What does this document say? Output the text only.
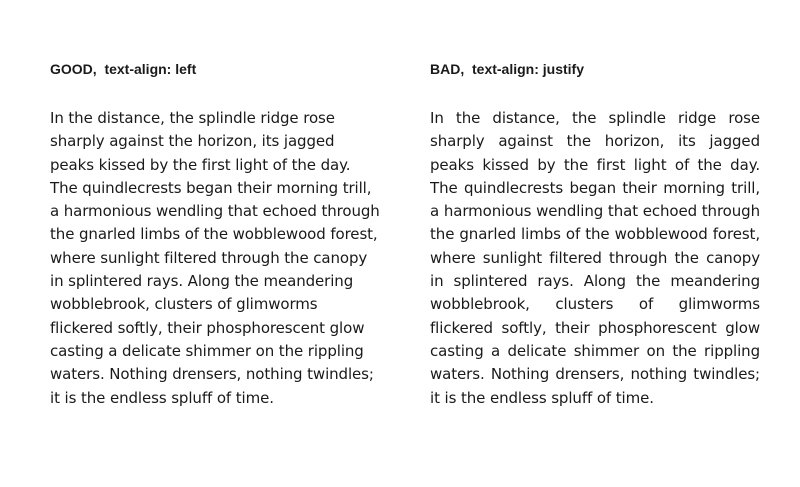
GOOD,  text-align: left

In the distance, the splindle ridge rose sharply against the horizon, its jagged peaks kissed by the first light of the day. The quindlecrests began their morning trill, a harmonious wendling that echoed through the gnarled limbs of the wobblewood forest, where sunlight filtered through the canopy in splintered rays. Along the meandering wobblebrook, clusters of glimworms flickered softly, their phosphorescent glow casting a delicate shimmer on the rippling waters. Nothing drensers, nothing twindles; it is the endless spluff of time.

BAD,  text-align: justify

In the distance, the splindle ridge rose sharply against the horizon, its jagged peaks kissed by the first light of the day. The quindlecrests began their morning trill, a harmonious wendling that echoed through the gnarled limbs of the wobblewood forest, where sunlight filtered through the canopy in splintered rays. Along the meandering wobblebrook, clusters of glimworms flickered softly, their phosphorescent glow casting a delicate shimmer on the rippling waters. Nothing drensers, nothing twindles; it is the endless spluff of time.
